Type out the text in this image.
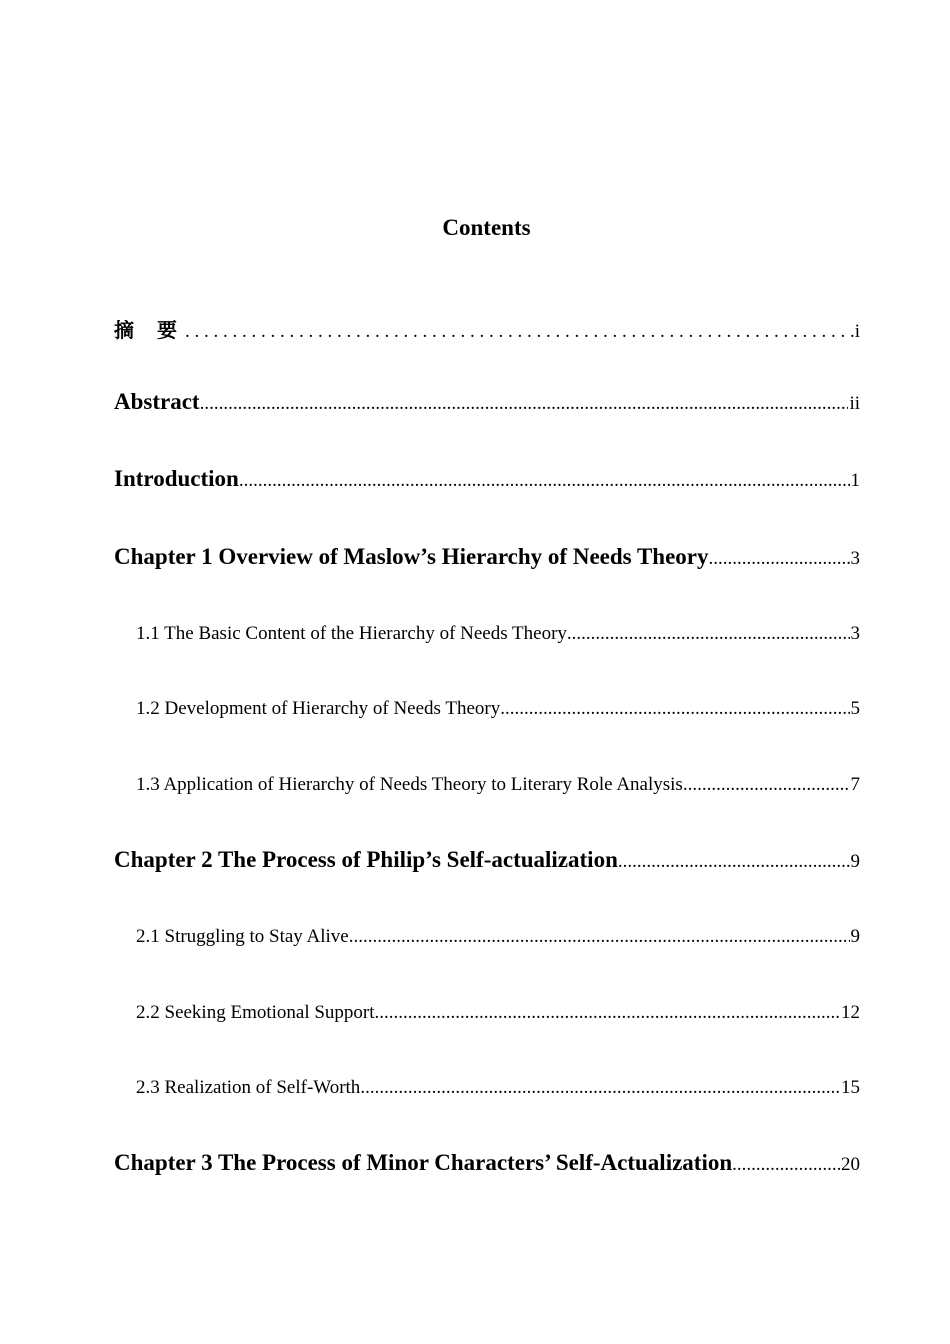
Contents
摘 要 . . .	i
Abstract .....	ii
Introduction .....	1
Chapter 1 Overview of Maslow’s Hierarchy of Needs Theory .....	3
1.1 The Basic Content of the Hierarchy of Needs Theory .....	3
1.2 Development of Hierarchy of Needs Theory .....	5
1.3 Application of Hierarchy of Needs Theory to Literary Role Analysis .....	7
Chapter 2 The Process of Philip’s Self-actualization .....	9
2.1 Struggling to Stay Alive .....	9
2.2 Seeking Emotional Support .....	12
2.3 Realization of Self-Worth .....	15
Chapter 3 The Process of Minor Characters’ Self-Actualization .....	20
